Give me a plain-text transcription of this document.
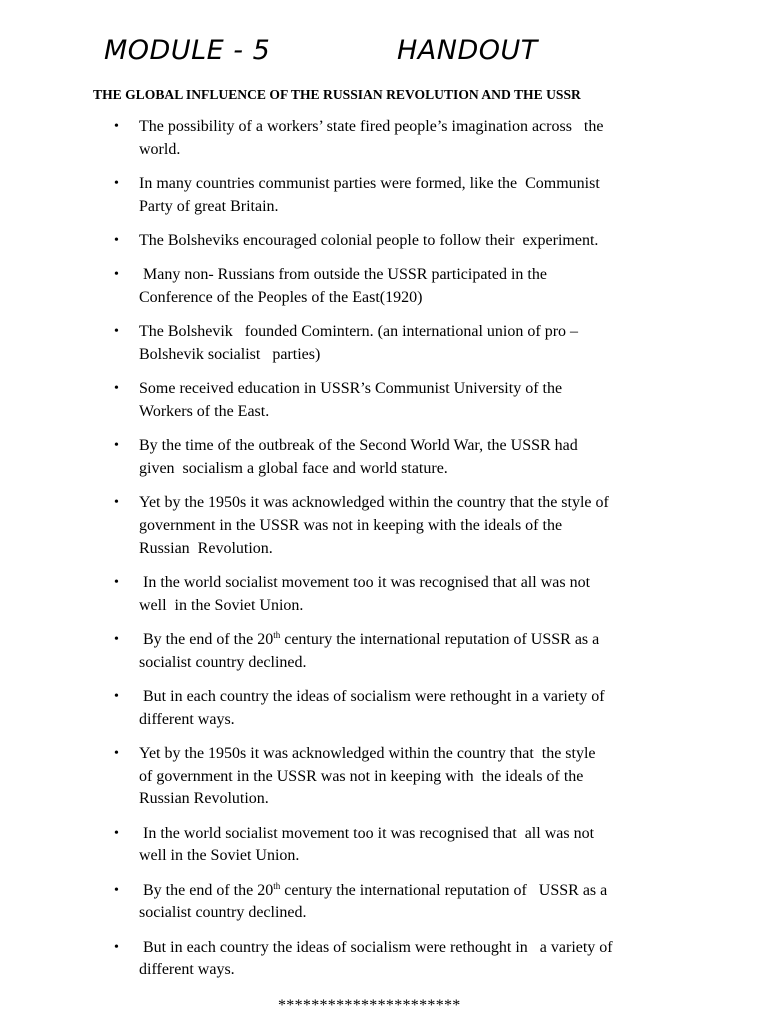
MODULE - 5	HANDOUT
THE GLOBAL INFLUENCE OF THE RUSSIAN REVOLUTION AND THE USSR
• The possibility of a workers’ state fired people’s imagination across   the
world.
• In many countries communist parties were formed, like the  Communist
Party of great Britain.
• The Bolsheviks encouraged colonial people to follow their  experiment.
• Many non- Russians from outside the USSR participated in the
Conference of the Peoples of the East(1920)
• The Bolshevik   founded Comintern. (an international union of pro –
Bolshevik socialist   parties)
• Some received education in USSR’s Communist University of the
Workers of the East.
• By the time of the outbreak of the Second World War, the USSR had
given  socialism a global face and world stature.
• Yet by the 1950s it was acknowledged within the country that the style of
government in the USSR was not in keeping with the ideals of the
Russian  Revolution.
• In the world socialist movement too it was recognised that all was not
well  in the Soviet Union.
• By the end of the 20th century the international reputation of USSR as a
socialist country declined.
• But in each country the ideas of socialism were rethought in a variety of
different ways.
• Yet by the 1950s it was acknowledged within the country that  the style
of government in the USSR was not in keeping with  the ideals of the
Russian Revolution.
• In the world socialist movement too it was recognised that  all was not
well in the Soviet Union.
• By the end of the 20th century the international reputation of   USSR as a
socialist country declined.
• But in each country the ideas of socialism were rethought in   a variety of
different ways.
**********************
